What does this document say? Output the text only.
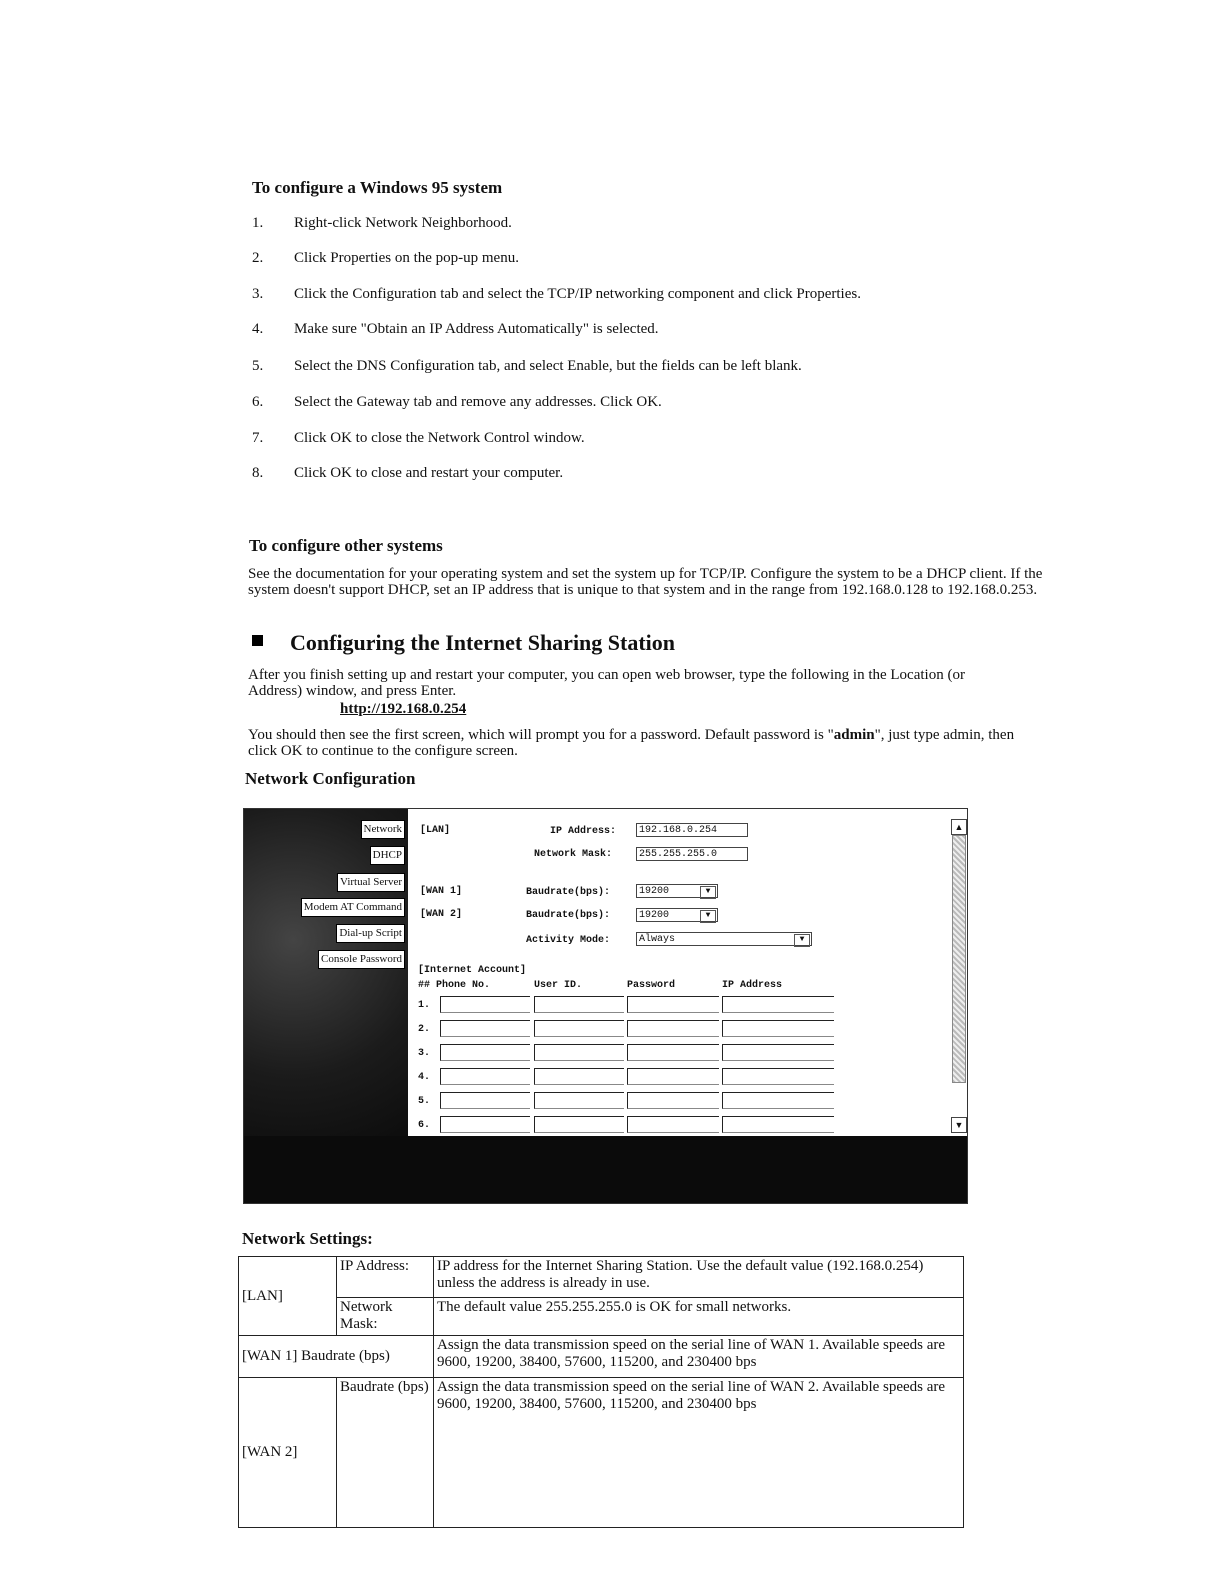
To configure a Windows 95 system
1. Right-click Network Neighborhood.
2. Click Properties on the pop-up menu.
3. Click the Configuration tab and select the TCP/IP networking component and click Properties.
4. Make sure "Obtain an IP Address Automatically" is selected.
5. Select the DNS Configuration tab, and select Enable, but the fields can be left blank.
6. Select the Gateway tab and remove any addresses. Click OK.
7. Click OK to close the Network Control window.
8. Click OK to close and restart your computer.
To configure other systems
See the documentation for your operating system and set the system up for TCP/IP. Configure the system to be a DHCP client. If the system doesn't support DHCP, set an IP address that is unique to that system and in the range from 192.168.0.128 to 192.168.0.253.
Configuring the Internet Sharing Station
After you finish setting up and restart your computer, you can open web browser, type the following in the Location (or Address) window, and press Enter.
http://192.168.0.254
You should then see the first screen, which will prompt you for a password. Default password is "admin", just type admin, then click OK to continue to the configure screen.
Network Configuration
Network
DHCP
Virtual Server
Modem AT Command
Dial-up Script
Console Password
[LAN]	IP Address:	192.168.0.254
Network Mask:	255.255.255.0
[WAN 1]	Baudrate(bps):	19200	▼
[WAN 2]	Baudrate(bps):	19200	▼
Activity Mode:	Always	▼
[Internet Account]
## Phone No.	User ID.	Password	IP Address
1.
2.
3.
4.
5.
6.
▲
▼
Network Settings:
[LAN]	IP Address:	IP address for the Internet Sharing Station. Use the default value (192.168.0.254) unless the address is already in use.
	Network Mask:	The default value 255.255.255.0 is OK for small networks.
[WAN 1] Baudrate (bps)		Assign the data transmission speed on the serial line of WAN 1. Available speeds are 9600, 19200, 38400, 57600, 115200, and 230400 bps
[WAN 2]	Baudrate (bps)	Assign the data transmission speed on the serial line of WAN 2. Available speeds are 9600, 19200, 38400, 57600, 115200, and 230400 bps
